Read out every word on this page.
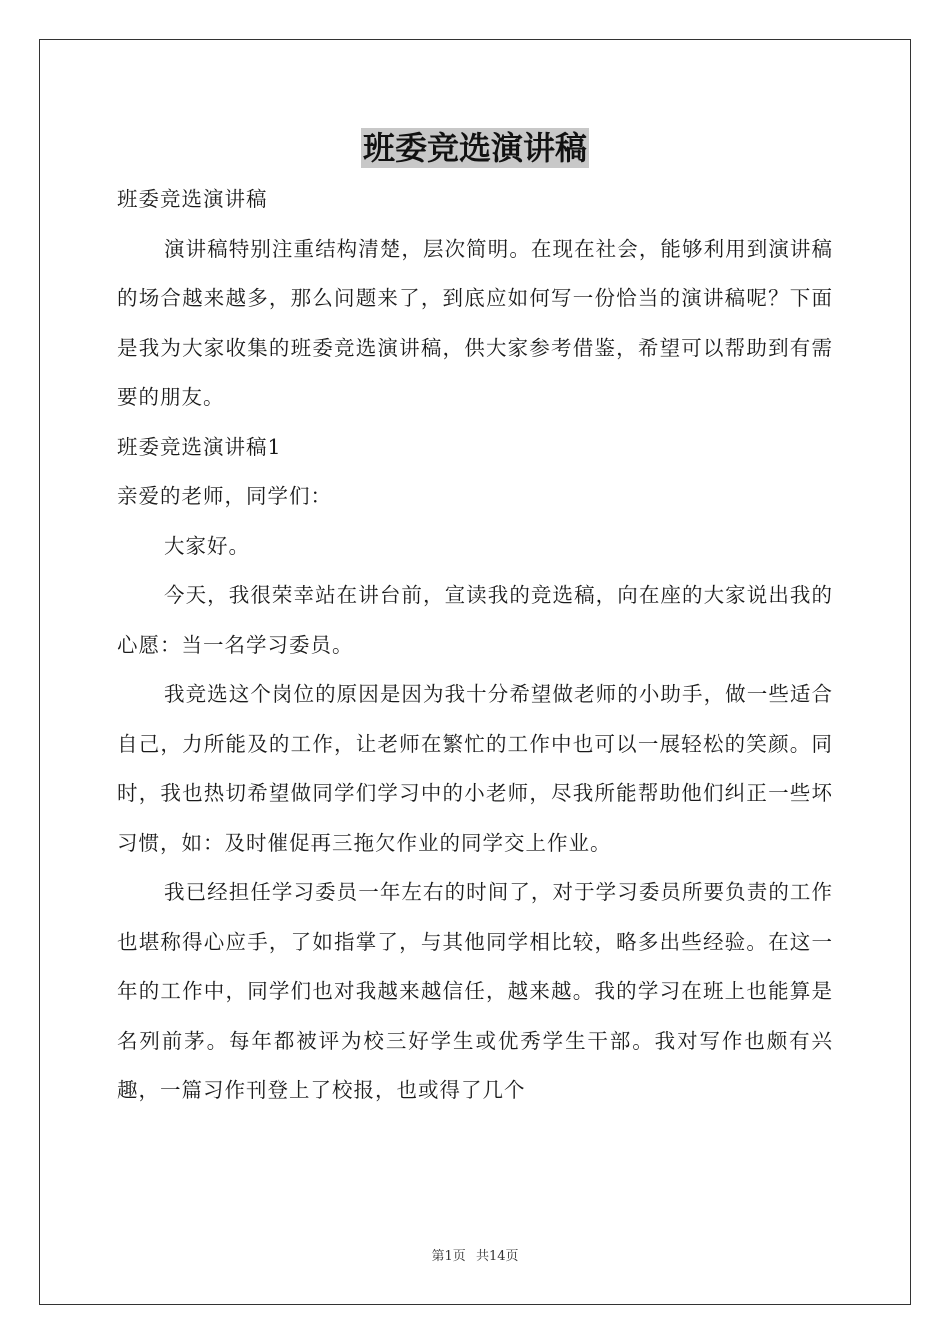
班委竞选演讲稿

班委竞选演讲稿

演讲稿特别注重结构清楚，层次简明。在现在社会，能够利用到演讲稿的场合越来越多，那么问题来了，到底应如何写一份恰当的演讲稿呢？下面是我为大家收集的班委竞选演讲稿，供大家参考借鉴，希望可以帮助到有需要的朋友。

班委竞选演讲稿1

亲爱的老师，同学们：

大家好。

今天，我很荣幸站在讲台前，宣读我的竞选稿，向在座的大家说出我的心愿：当一名学习委员。

我竞选这个岗位的原因是因为我十分希望做老师的小助手，做一些适合自己，力所能及的工作，让老师在繁忙的工作中也可以一展轻松的笑颜。同时，我也热切希望做同学们学习中的小老师，尽我所能帮助他们纠正一些坏习惯，如：及时催促再三拖欠作业的同学交上作业。

我已经担任学习委员一年左右的时间了，对于学习委员所要负责的工作也堪称得心应手，了如指掌了，与其他同学相比较，略多出些经验。在这一年的工作中，同学们也对我越来越信任，越来越。我的学习在班上也能算是名列前茅。每年都被评为校三好学生或优秀学生干部。我对写作也颇有兴趣，一篇习作刊登上了校报，也或得了几个

第1页 共14页
